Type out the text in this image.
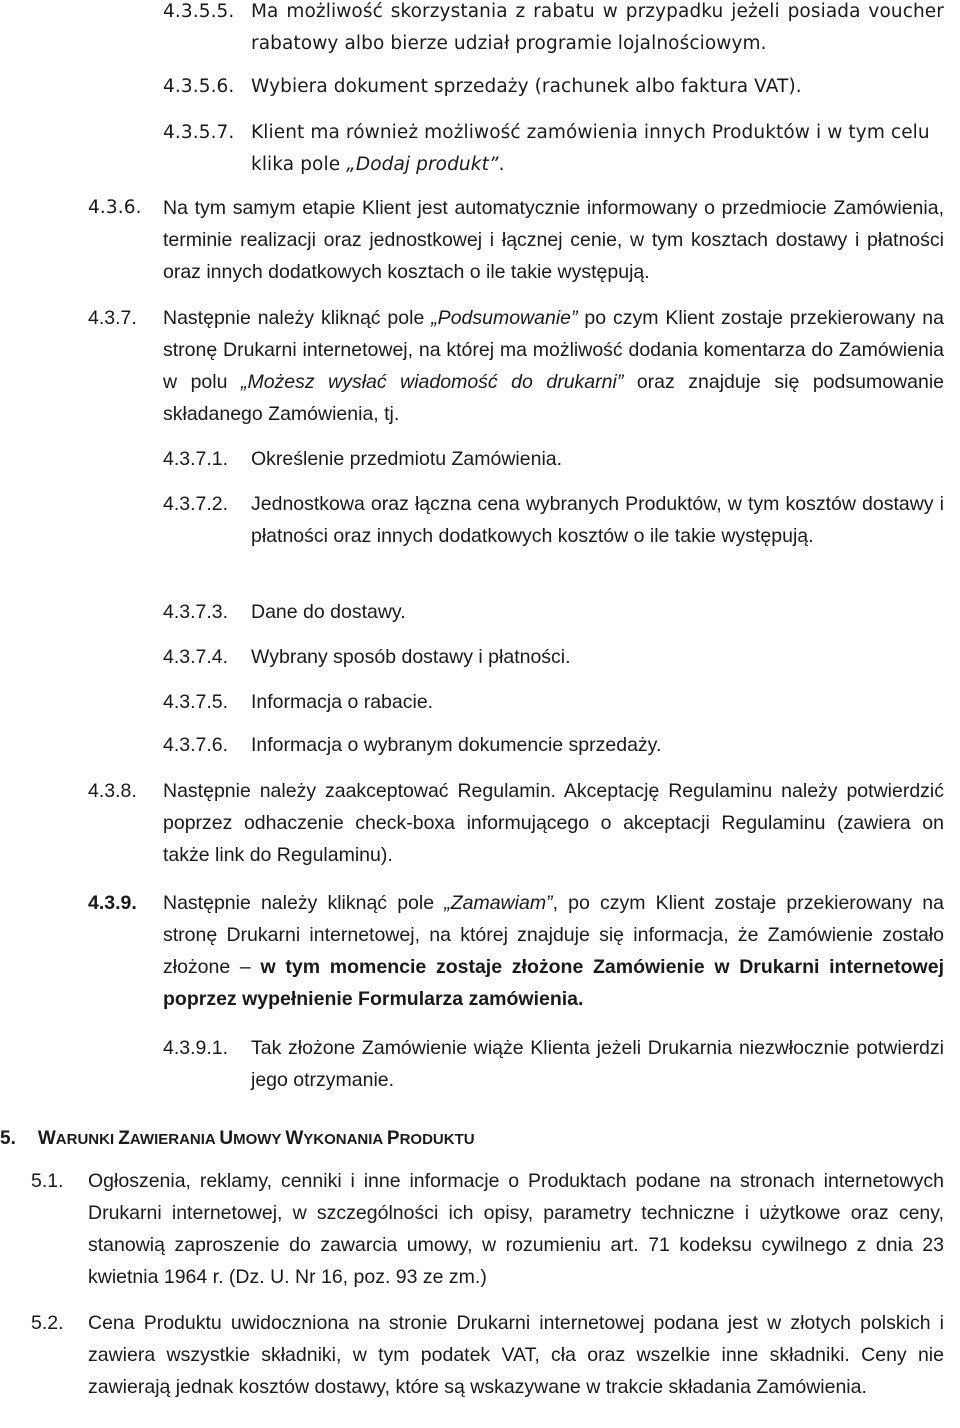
4.3.5.5. Ma możliwość skorzystania z rabatu w przypadku jeżeli posiada voucher rabatowy albo bierze udział programie lojalnościowym.
4.3.5.6. Wybiera dokument sprzedaży (rachunek albo faktura VAT).
4.3.5.7. Klient ma również możliwość zamówienia innych Produktów i w tym celu klika pole „Dodaj produkt”.
4.3.6. Na tym samym etapie Klient jest automatycznie informowany o przedmiocie Zamówienia, terminie realizacji oraz jednostkowej i łącznej cenie, w tym kosztach dostawy i płatności oraz innych dodatkowych kosztach o ile takie występują.
4.3.7. Następnie należy kliknąć pole „Podsumowanie” po czym Klient zostaje przekierowany na stronę Drukarni internetowej, na której ma możliwość dodania komentarza do Zamówienia w polu „Możesz wysłać wiadomość do drukarni” oraz znajduje się podsumowanie składanego Zamówienia, tj.
4.3.7.1. Określenie przedmiotu Zamówienia.
4.3.7.2. Jednostkowa oraz łączna cena wybranych Produktów, w tym kosztów dostawy i płatności oraz innych dodatkowych kosztów o ile takie występują.
4.3.7.3. Dane do dostawy.
4.3.7.4. Wybrany sposób dostawy i płatności.
4.3.7.5. Informacja o rabacie.
4.3.7.6. Informacja o wybranym dokumencie sprzedaży.
4.3.8. Następnie należy zaakceptować Regulamin. Akceptację Regulaminu należy potwierdzić poprzez odhaczenie check-boxa informującego o akceptacji Regulaminu (zawiera on także link do Regulaminu).
4.3.9. Następnie należy kliknąć pole „Zamawiam”, po czym Klient zostaje przekierowany na stronę Drukarni internetowej, na której znajduje się informacja, że Zamówienie zostało złożone – w tym momencie zostaje złożone Zamówienie w Drukarni internetowej poprzez wypełnienie Formularza zamówienia.
4.3.9.1. Tak złożone Zamówienie wiąże Klienta jeżeli Drukarnia niezwłocznie potwierdzi jego otrzymanie.
5. WARUNKI ZAWIERANIA UMOWY WYKONANIA PRODUKTU
5.1. Ogłoszenia, reklamy, cenniki i inne informacje o Produktach podane na stronach internetowych Drukarni internetowej, w szczególności ich opisy, parametry techniczne i użytkowe oraz ceny, stanowią zaproszenie do zawarcia umowy, w rozumieniu art. 71 kodeksu cywilnego z dnia 23 kwietnia 1964 r. (Dz. U. Nr 16, poz. 93 ze zm.)
5.2. Cena Produktu uwidoczniona na stronie Drukarni internetowej podana jest w złotych polskich i zawiera wszystkie składniki, w tym podatek VAT, cła oraz wszelkie inne składniki. Ceny nie zawierają jednak kosztów dostawy, które są wskazywane w trakcie składania Zamówienia.
